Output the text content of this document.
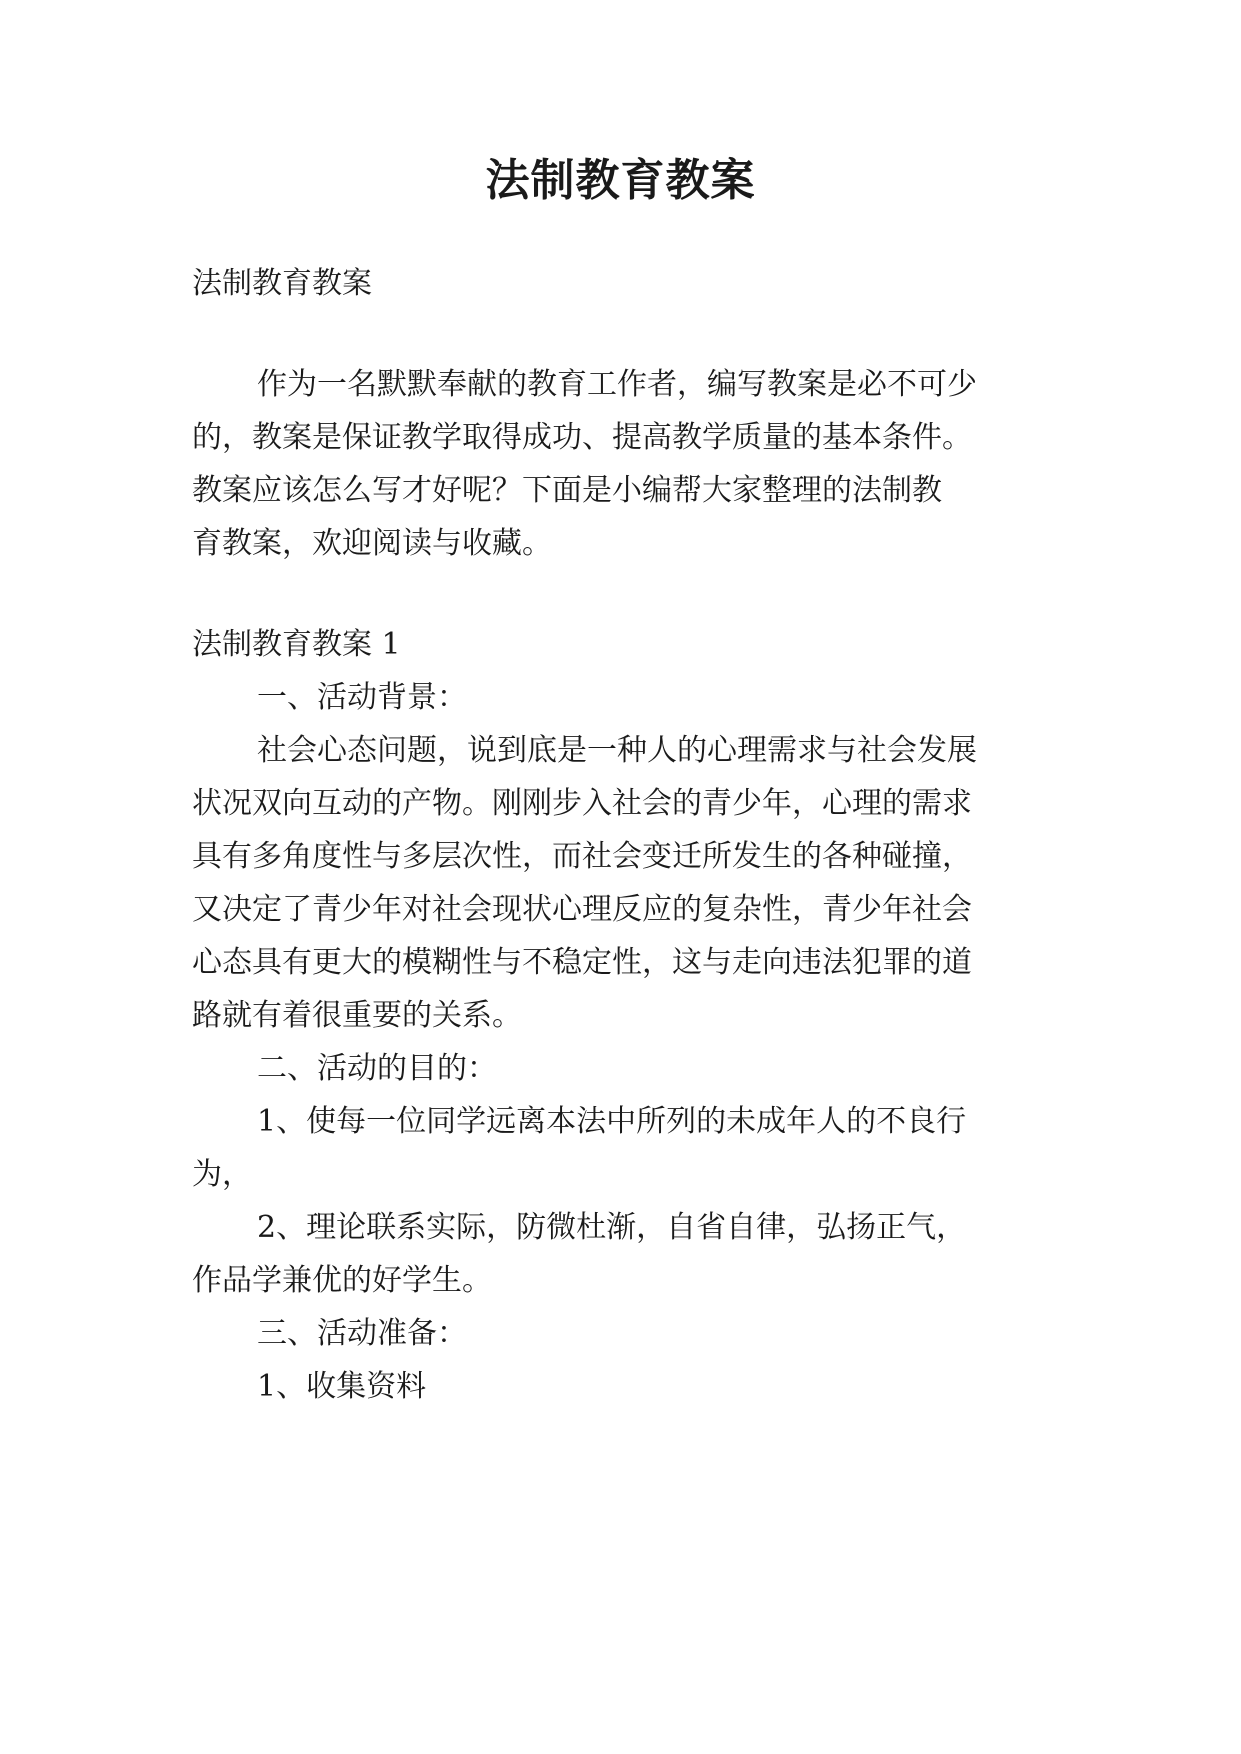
法制教育教案
法制教育教案
作为一名默默奉献的教育工作者，编写教案是必不可少
的，教案是保证教学取得成功、提高教学质量的基本条件。
教案应该怎么写才好呢？下面是小编帮大家整理的法制教
育教案，欢迎阅读与收藏。
法制教育教案 1
一、活动背景：
社会心态问题，说到底是一种人的心理需求与社会发展
状况双向互动的产物。刚刚步入社会的青少年，心理的需求
具有多角度性与多层次性，而社会变迁所发生的各种碰撞，
又决定了青少年对社会现状心理反应的复杂性，青少年社会
心态具有更大的模糊性与不稳定性，这与走向违法犯罪的道
路就有着很重要的关系。
二、活动的目的：
1、使每一位同学远离本法中所列的未成年人的不良行
为，
2、理论联系实际，防微杜渐，自省自律，弘扬正气，
作品学兼优的好学生。
三、活动准备：
1、收集资料
